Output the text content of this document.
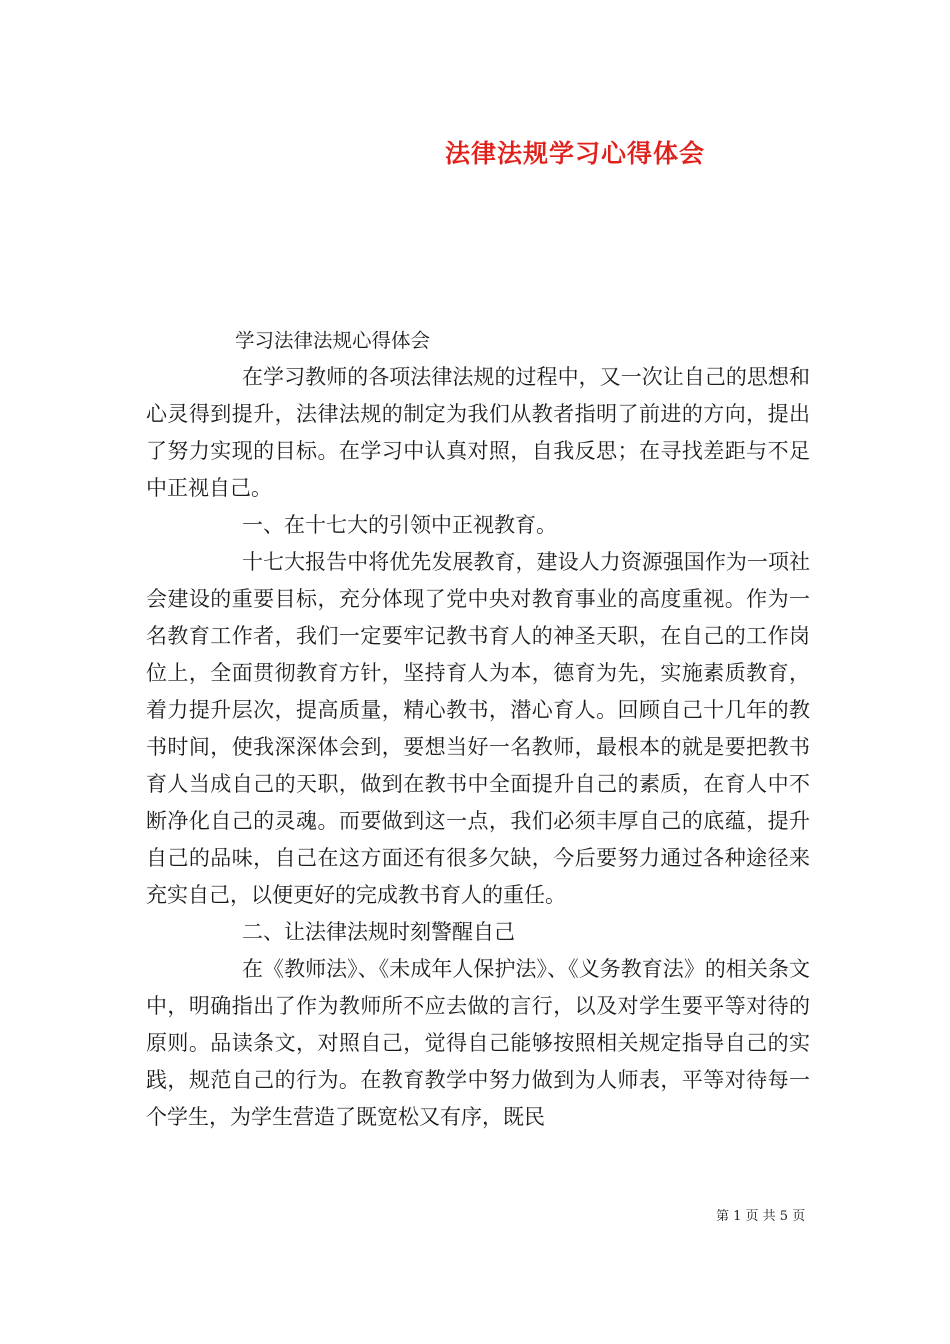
法律法规学习心得体会
学习法律法规心得体会

在学习教师的各项法律法规的过程中，又一次让自己的思想和心灵得到提升，法律法规的制定为我们从教者指明了前进的方向，提出了努力实现的目标。在学习中认真对照，自我反思；在寻找差距与不足中正视自己。

一、在十七大的引领中正视教育。

十七大报告中将优先发展教育，建设人力资源强国作为一项社会建设的重要目标，充分体现了党中央对教育事业的高度重视。作为一名教育工作者，我们一定要牢记教书育人的神圣天职，在自己的工作岗位上，全面贯彻教育方针，坚持育人为本，德育为先，实施素质教育，着力提升层次，提高质量，精心教书，潜心育人。回顾自己十几年的教书时间，使我深深体会到，要想当好一名教师，最根本的就是要把教书育人当成自己的天职，做到在教书中全面提升自己的素质，在育人中不断净化自己的灵魂。而要做到这一点，我们必须丰厚自己的底蕴，提升自己的品味，自己在这方面还有很多欠缺，今后要努力通过各种途径来充实自己，以便更好的完成教书育人的重任。

二、让法律法规时刻警醒自己

在《教师法》、《未成年人保护法》、《义务教育法》的相关条文中，明确指出了作为教师所不应去做的言行，以及对学生要平等对待的原则。品读条文，对照自己，觉得自己能够按照相关规定指导自己的实践，规范自己的行为。在教育教学中努力做到为人师表，平等对待每一个学生，为学生营造了既宽松又有序，既民

第 1 页 共 5 页
